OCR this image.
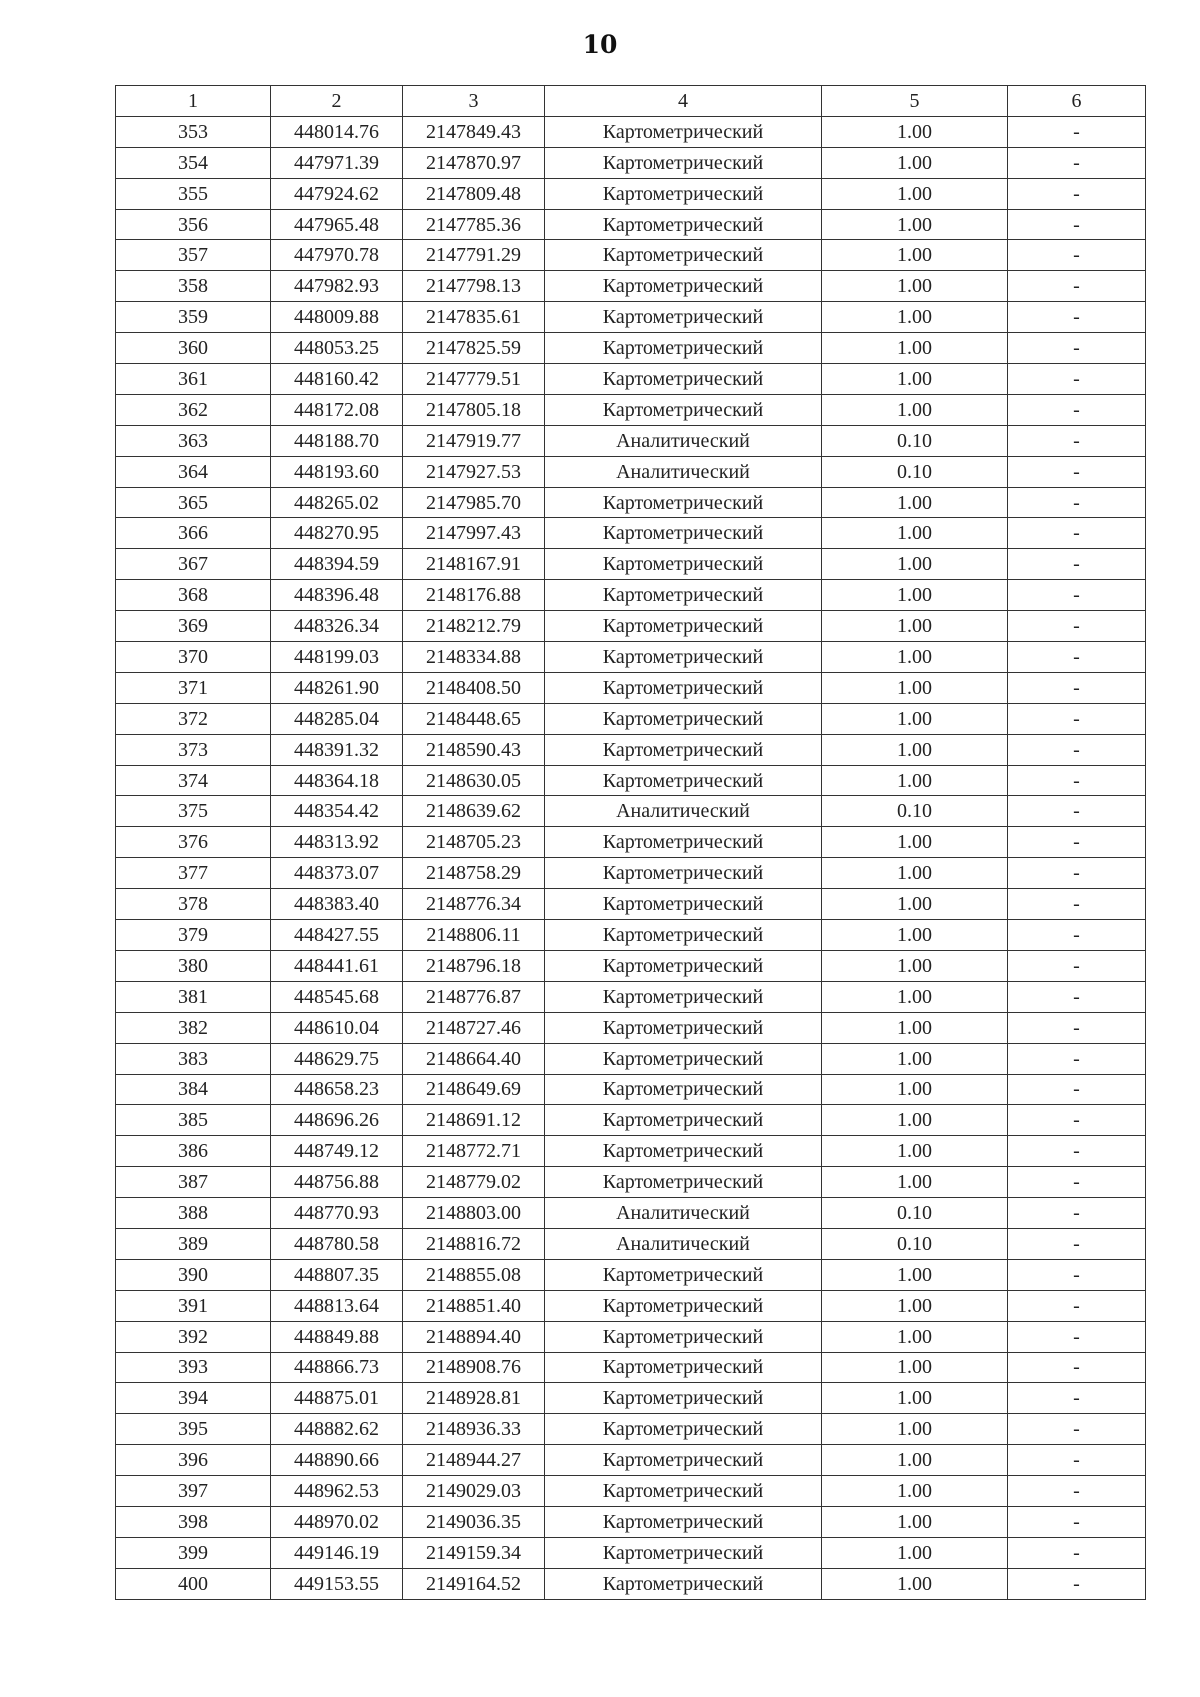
10
1	2	3	4	5	6
353	448014.76	2147849.43	Картометрический	1.00	-
354	447971.39	2147870.97	Картометрический	1.00	-
355	447924.62	2147809.48	Картометрический	1.00	-
356	447965.48	2147785.36	Картометрический	1.00	-
357	447970.78	2147791.29	Картометрический	1.00	-
358	447982.93	2147798.13	Картометрический	1.00	-
359	448009.88	2147835.61	Картометрический	1.00	-
360	448053.25	2147825.59	Картометрический	1.00	-
361	448160.42	2147779.51	Картометрический	1.00	-
362	448172.08	2147805.18	Картометрический	1.00	-
363	448188.70	2147919.77	Аналитический	0.10	-
364	448193.60	2147927.53	Аналитический	0.10	-
365	448265.02	2147985.70	Картометрический	1.00	-
366	448270.95	2147997.43	Картометрический	1.00	-
367	448394.59	2148167.91	Картометрический	1.00	-
368	448396.48	2148176.88	Картометрический	1.00	-
369	448326.34	2148212.79	Картометрический	1.00	-
370	448199.03	2148334.88	Картометрический	1.00	-
371	448261.90	2148408.50	Картометрический	1.00	-
372	448285.04	2148448.65	Картометрический	1.00	-
373	448391.32	2148590.43	Картометрический	1.00	-
374	448364.18	2148630.05	Картометрический	1.00	-
375	448354.42	2148639.62	Аналитический	0.10	-
376	448313.92	2148705.23	Картометрический	1.00	-
377	448373.07	2148758.29	Картометрический	1.00	-
378	448383.40	2148776.34	Картометрический	1.00	-
379	448427.55	2148806.11	Картометрический	1.00	-
380	448441.61	2148796.18	Картометрический	1.00	-
381	448545.68	2148776.87	Картометрический	1.00	-
382	448610.04	2148727.46	Картометрический	1.00	-
383	448629.75	2148664.40	Картометрический	1.00	-
384	448658.23	2148649.69	Картометрический	1.00	-
385	448696.26	2148691.12	Картометрический	1.00	-
386	448749.12	2148772.71	Картометрический	1.00	-
387	448756.88	2148779.02	Картометрический	1.00	-
388	448770.93	2148803.00	Аналитический	0.10	-
389	448780.58	2148816.72	Аналитический	0.10	-
390	448807.35	2148855.08	Картометрический	1.00	-
391	448813.64	2148851.40	Картометрический	1.00	-
392	448849.88	2148894.40	Картометрический	1.00	-
393	448866.73	2148908.76	Картометрический	1.00	-
394	448875.01	2148928.81	Картометрический	1.00	-
395	448882.62	2148936.33	Картометрический	1.00	-
396	448890.66	2148944.27	Картометрический	1.00	-
397	448962.53	2149029.03	Картометрический	1.00	-
398	448970.02	2149036.35	Картометрический	1.00	-
399	449146.19	2149159.34	Картометрический	1.00	-
400	449153.55	2149164.52	Картометрический	1.00	-
